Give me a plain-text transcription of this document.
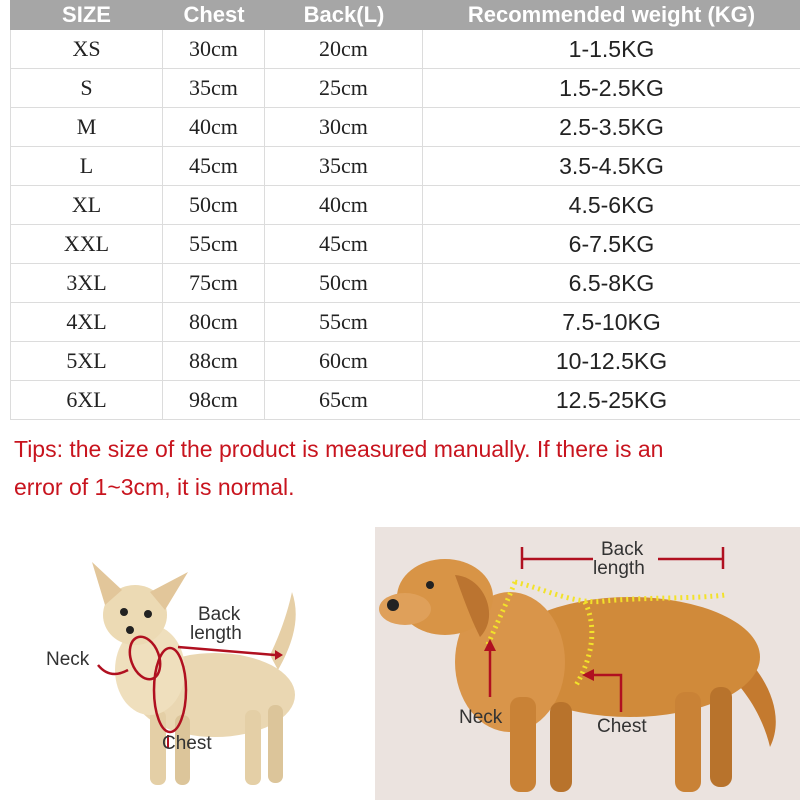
SIZE	Chest	Back(L)	Recommended weight (KG)
XS	30cm	20cm	1-1.5KG
S	35cm	25cm	1.5-2.5KG
M	40cm	30cm	2.5-3.5KG
L	45cm	35cm	3.5-4.5KG
XL	50cm	40cm	4.5-6KG
XXL	55cm	45cm	6-7.5KG
3XL	75cm	50cm	6.5-8KG
4XL	80cm	55cm	7.5-10KG
5XL	88cm	60cm	10-12.5KG
6XL	98cm	65cm	12.5-25KG
Tips: the size of the product is measured manually. If there is an
error of 1~3cm, it is normal.
Back
length
Neck
Chest
Back
length
Neck	Chest
